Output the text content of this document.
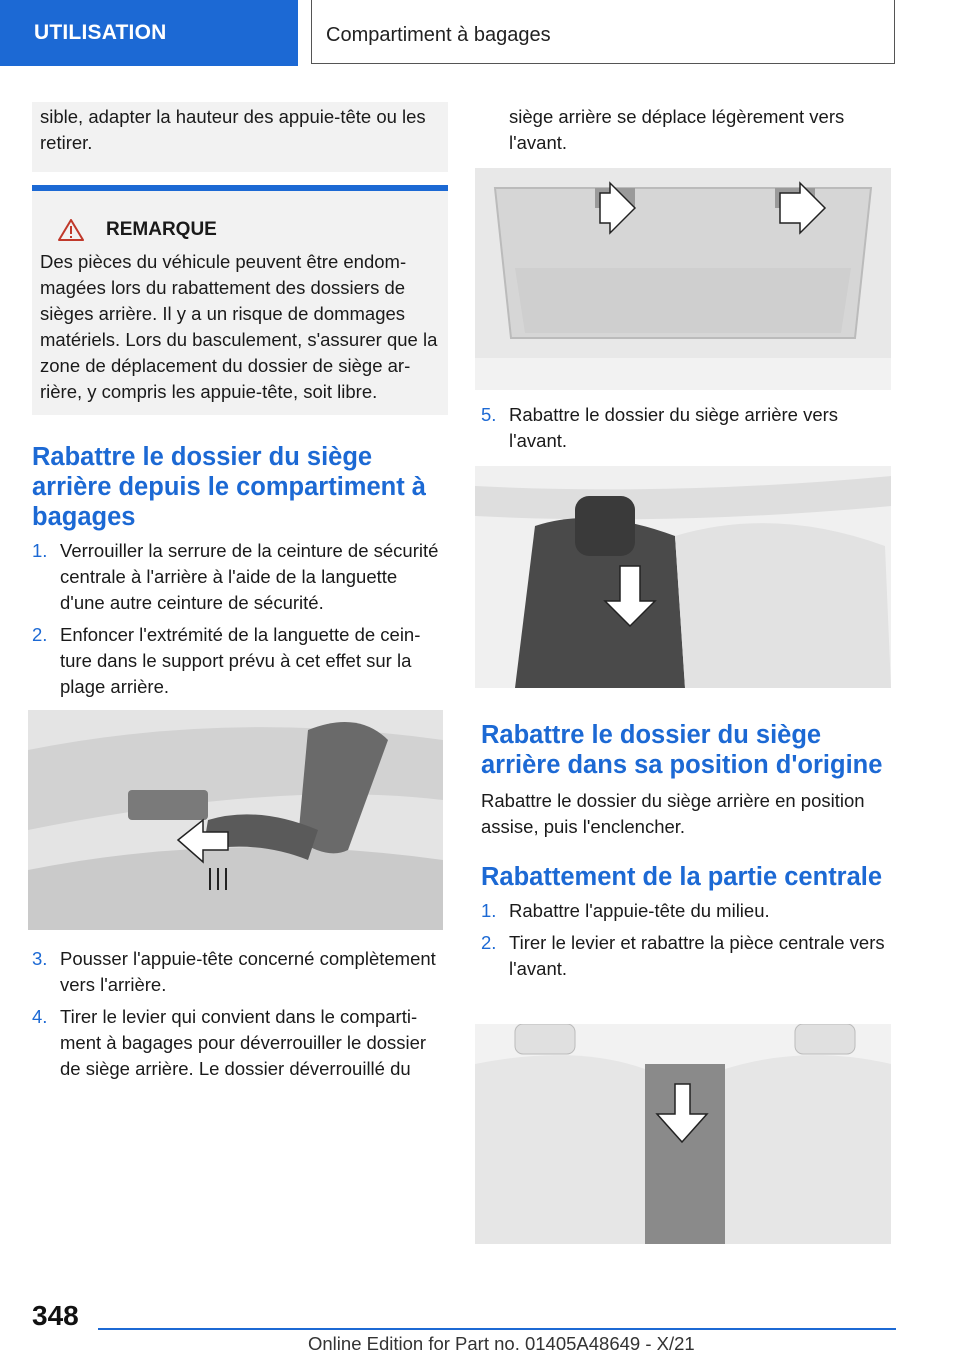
UTILISATION	Compartiment à bagages
sible, adapter la hauteur des appuie-tête ou les retirer.
REMARQUE
Des pièces du véhicule peuvent être endommagées lors du rabattement des dossiers de sièges arrière. Il y a un risque de dommages matériels. Lors du basculement, s'assurer que la zone de déplacement du dossier de siège arrière, y compris les appuie-tête, soit libre.
Rabattre le dossier du siège arrière depuis le compartiment à bagages
1. Verrouiller la serrure de la ceinture de sécurité centrale à l'arrière à l'aide de la languette d'une autre ceinture de sécurité.
2. Enfoncer l'extrémité de la languette de ceinture dans le support prévu à cet effet sur la plage arrière.
3. Pousser l'appuie-tête concerné complètement vers l'arrière.
4. Tirer le levier qui convient dans le compartiment à bagages pour déverrouiller le dossier de siège arrière. Le dossier déverrouillé du
siège arrière se déplace légèrement vers l'avant.
5. Rabattre le dossier du siège arrière vers l'avant.
Rabattre le dossier du siège arrière dans sa position d'origine
Rabattre le dossier du siège arrière en position assise, puis l'enclencher.
Rabattement de la partie centrale
1. Rabattre l'appuie-tête du milieu.
2. Tirer le levier et rabattre la pièce centrale vers l'avant.
348
Online Edition for Part no. 01405A48649 - X/21
